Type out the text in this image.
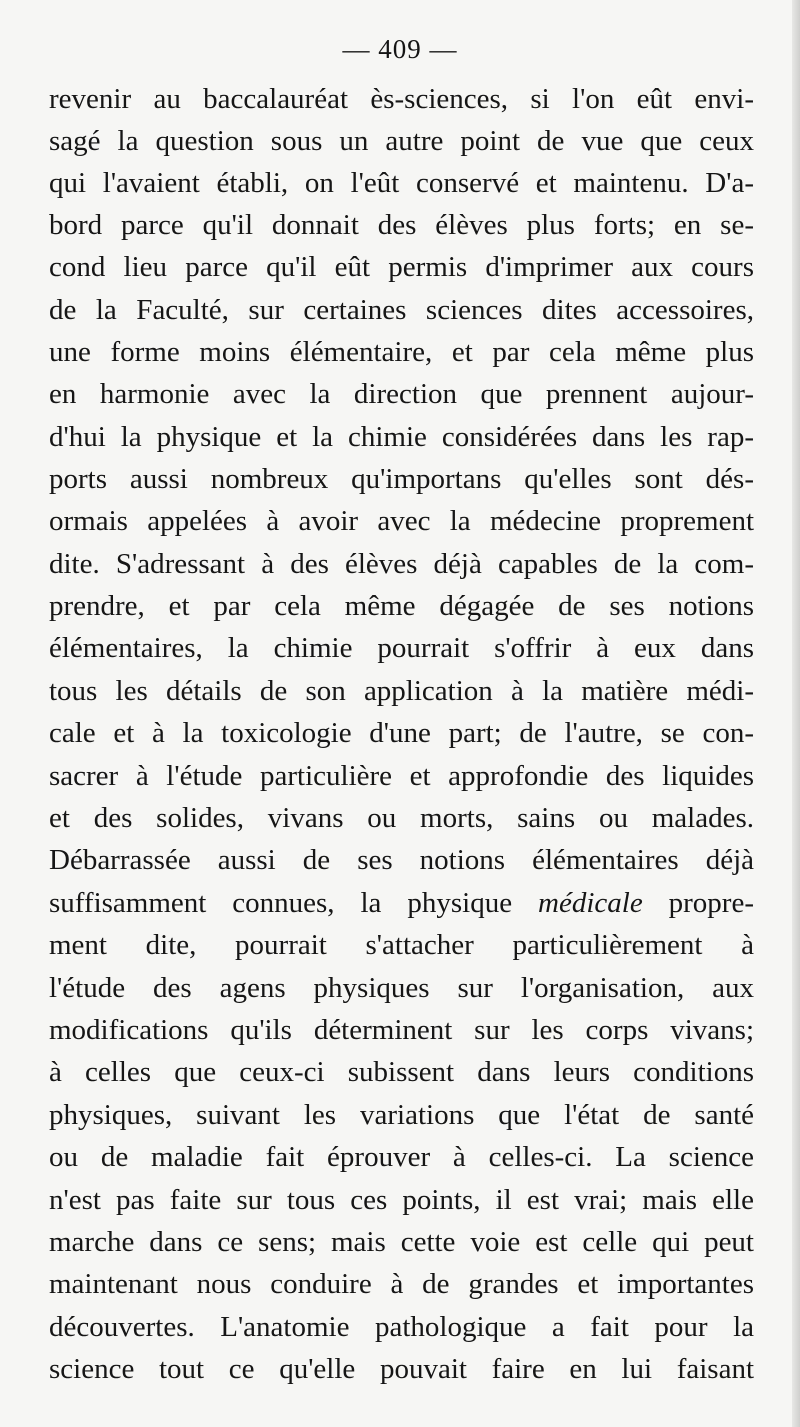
— 409 —
revenir au baccalauréat ès-sciences, si l'on eût envi-
sagé la question sous un autre point de vue que ceux
qui l'avaient établi, on l'eût conservé et maintenu. D'a-
bord parce qu'il donnait des élèves plus forts; en se-
cond lieu parce qu'il eût permis d'imprimer aux cours
de la Faculté, sur certaines sciences dites accessoires,
une forme moins élémentaire, et par cela même plus
en harmonie avec la direction que prennent aujour-
d'hui la physique et la chimie considérées dans les rap-
ports aussi nombreux qu'importans qu'elles sont dés-
ormais appelées à avoir avec la médecine proprement
dite. S'adressant à des élèves déjà capables de la com-
prendre, et par cela même dégagée de ses notions
élémentaires, la chimie pourrait s'offrir à eux dans
tous les détails de son application à la matière médi-
cale et à la toxicologie d'une part; de l'autre, se con-
sacrer à l'étude particulière et approfondie des liquides
et des solides, vivans ou morts, sains ou malades.
Débarrassée aussi de ses notions élémentaires déjà
suffisamment connues, la physique médicale propre-
ment dite, pourrait s'attacher particulièrement à
l'étude des agens physiques sur l'organisation, aux
modifications qu'ils déterminent sur les corps vivans;
à celles que ceux-ci subissent dans leurs conditions
physiques, suivant les variations que l'état de santé
ou de maladie fait éprouver à celles-ci. La science
n'est pas faite sur tous ces points, il est vrai; mais elle
marche dans ce sens; mais cette voie est celle qui peut
maintenant nous conduire à de grandes et importantes
découvertes. L'anatomie pathologique a fait pour la
science tout ce qu'elle pouvait faire en lui faisant
